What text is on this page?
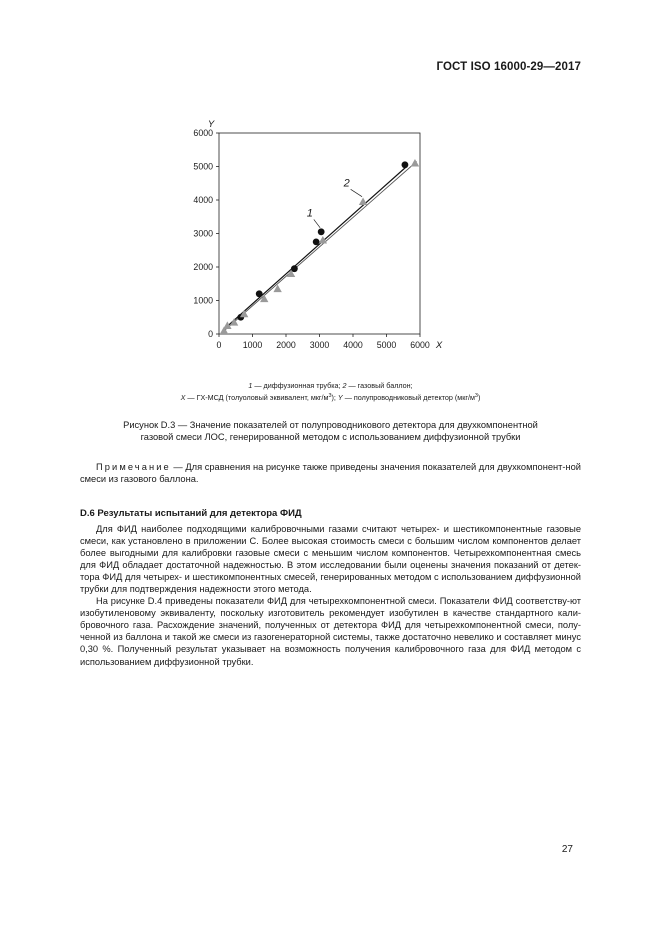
ГОСТ ISO 16000-29—2017
0 1000 2000 3000 4000 5000 6000
0
1000
2000
3000
4000
5000
6000
X
Y
1
2
1 — диффузионная трубка; 2 — газовый баллон;
X — ГХ-МСД (толуоловый эквивалент, мкг/$м^3$); Y — полупроводниковый детектор $(мкг/м^3)$
Рисунок D.3 — Значение показателей от полупроводникового детектора для двухкомпонентной
газовой смеси ЛОС, генерированной методом с использованием диффузионной трубки
Примечание — Для сравнения на рисунке также приведены значения показателей для двухкомпонент-ной смеси из газового баллона.
D.6 Результаты испытаний для детектора ФИД

Для ФИД наиболее подходящими калибровочными газами считают четырех- и шестикомпонентные газовые смеси, как установлено в приложении С. Более высокая стоимость смеси с большим числом компонентов делает более выгодными для калибровки газовые смеси с меньшим числом компонентов. Четырехкомпонентная смесь для ФИД обладает достаточной надежностью. В этом исследовании были оценены значения показаний от детек-тора ФИД для четырех- и шестикомпонентных смесей, генерированных методом с использованием диффузионной трубки для подтверждения надежности этого метода.

На рисунке D.4 приведены показатели ФИД для четырехкомпонентной смеси. Показатели ФИД соответству-ют изобутиленовому эквиваленту, поскольку изготовитель рекомендует изобутилен в качестве стандартного кали-бровочного газа. Расхождение значений, полученных от детектора ФИД для четырехкомпонентной смеси, полу-ченной из баллона и такой же смеси из газогенераторной системы, также достаточно невелико и составляет минус 0,30 %. Полученный результат указывает на возможность получения калибровочного газа для ФИД методом с использованием диффузионной трубки.

27
